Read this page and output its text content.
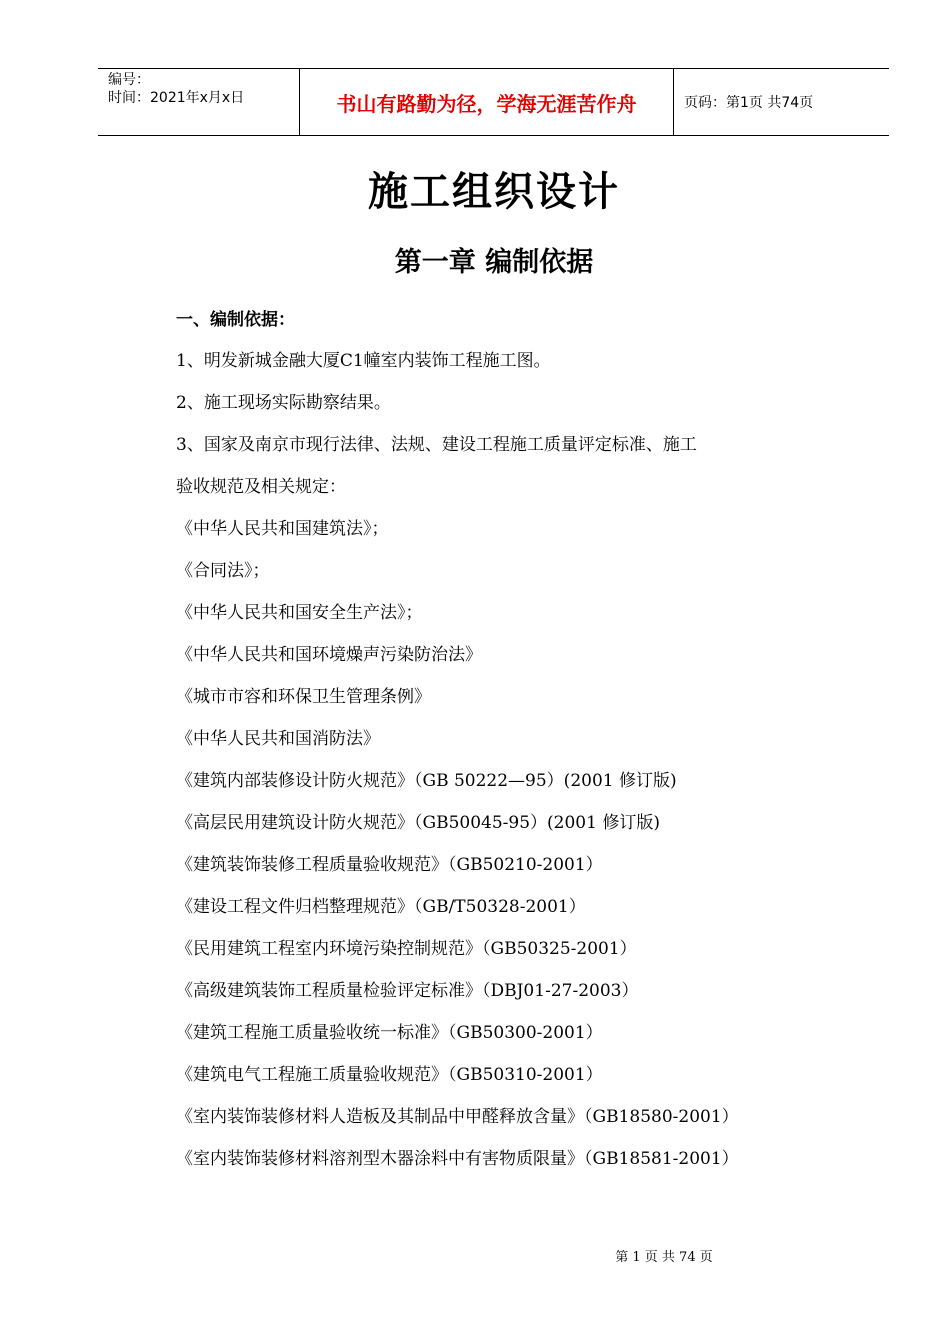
编号：
时间：2021年x月x日	书山有路勤为径，学海无涯苦作舟	页码：第1页 共74页
施工组织设计
第一章 编制依据
一、编制依据：
1、明发新城金融大厦C1幢室内装饰工程施工图。
2、施工现场实际勘察结果。
3、国家及南京市现行法律、法规、建设工程施工质量评定标准、施工
验收规范及相关规定：
《中华人民共和国建筑法》；
《合同法》；
《中华人民共和国安全生产法》；
《中华人民共和国环境燥声污染防治法》
《城市市容和环保卫生管理条例》
《中华人民共和国消防法》
《建筑内部装修设计防火规范》（GB 50222—95）(2001 修订版)
《高层民用建筑设计防火规范》（GB50045-95）(2001 修订版)
《建筑装饰装修工程质量验收规范》（GB50210-2001）
《建设工程文件归档整理规范》（GB/T50328-2001）
《民用建筑工程室内环境污染控制规范》（GB50325-2001）
《高级建筑装饰工程质量检验评定标准》（DBJ01-27-2003）
《建筑工程施工质量验收统一标准》（GB50300-2001）
《建筑电气工程施工质量验收规范》（GB50310-2001）
《室内装饰装修材料人造板及其制品中甲醛释放含量》（GB18580-2001）
《室内装饰装修材料溶剂型木器涂料中有害物质限量》（GB18581-2001）
第 1 页 共 74 页
